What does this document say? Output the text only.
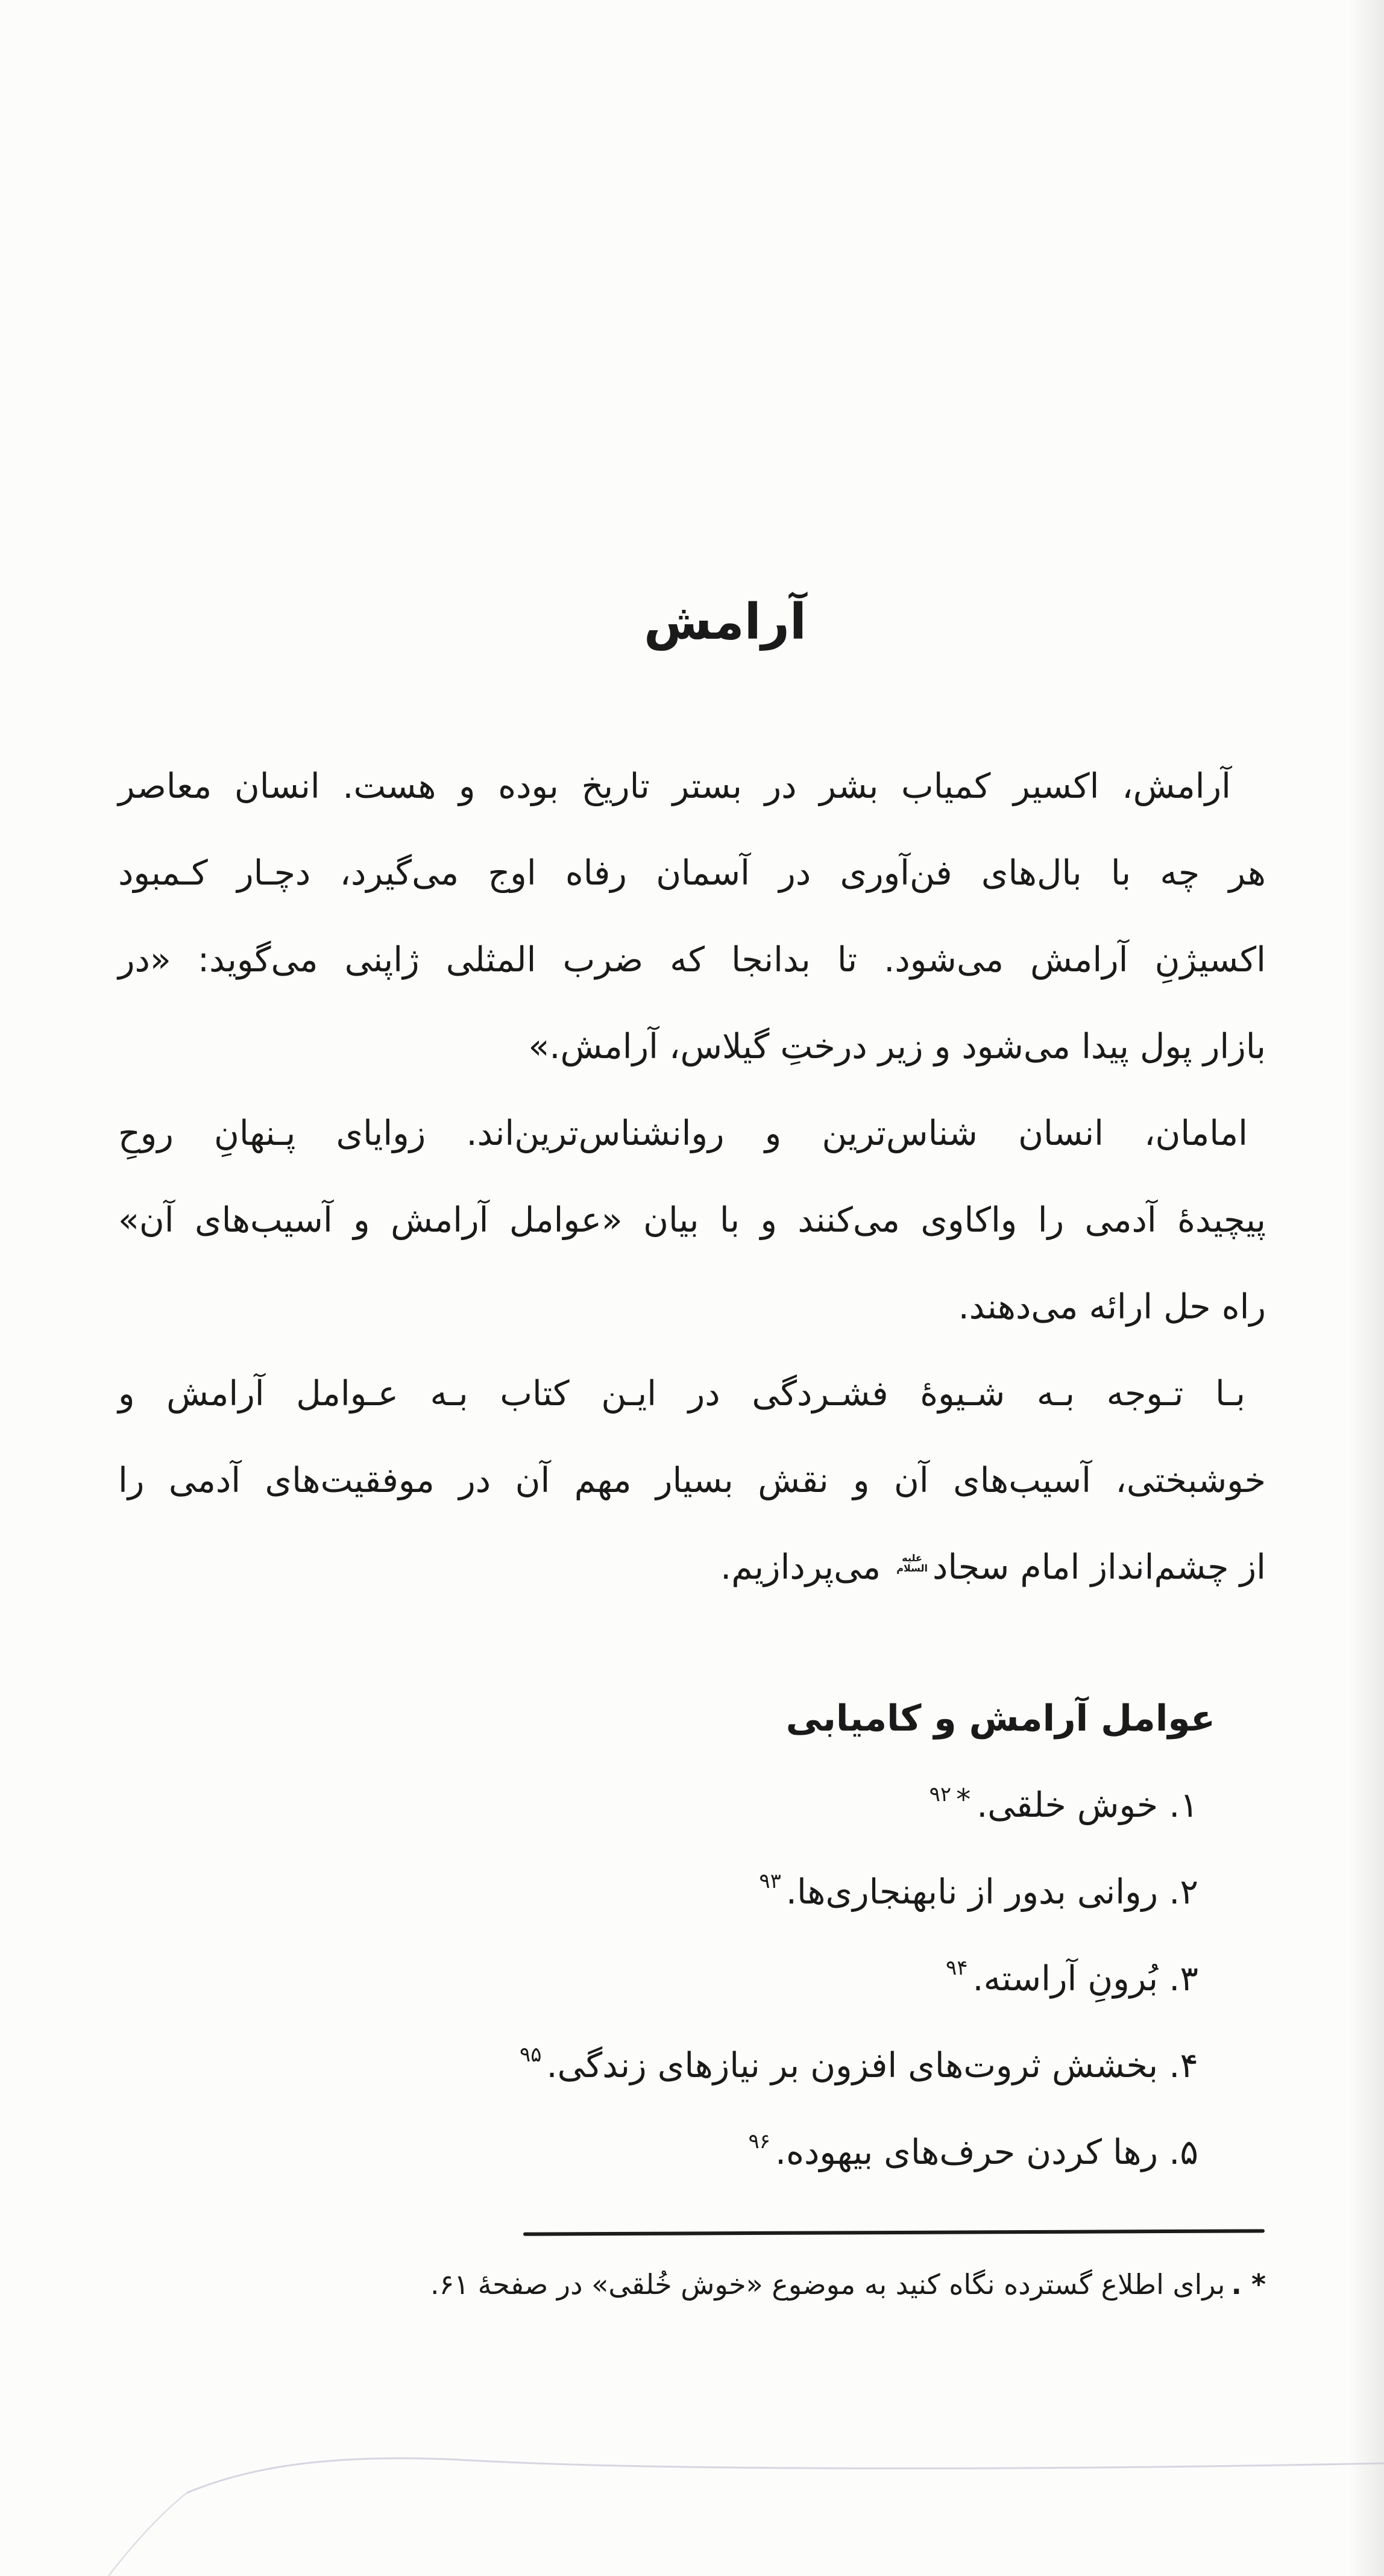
آرامش
آرامش، اکسیر کمیاب بشر در بستر تاریخ بوده و هست. انسان معاصر
هر چه با بال‌های فن‌آوری در آسمان رفاه اوج می‌گیرد، دچـار کـمبود
اکسیژنِ آرامش می‌شود. تا بدانجا که ضرب المثلی ژاپنی می‌گوید: «در
بازار پول پیدا می‌شود و زیر درختِ گیلاس، آرامش.»
امامان، انسان شناس‌ترین و روانشناس‌ترین‌اند. زوایای پـنهانِ روحِ
پیچیدهٔ آدمی را واکاوی می‌کنند و با بیان «عوامل آرامش و آسیب‌های آن»
راه حل ارائه می‌دهند.
بـا تـوجه بـه شـیوهٔ فشـردگی در ایـن کتاب بـه عـوامل آرامش و
خوشبختی، آسیب‌های آن و نقش بسیار مهم آن در موفقیت‌های آدمی را
از چشم‌انداز امام سجاد
علیه
السلام
می‌پردازیم.
عوامل آرامش و کامیابی
۱. خوش خلقی.$^{*۹۲}$
۲. روانی بدور از نابهنجاری‌ها.$^{۹۳}$
۳. بُرونِ آراسته.$^{۹۴}$
۴. بخشش ثروت‌های افزون بر نیازهای زندگی.$^{۹۵}$
۵. رها کردن حرف‌های بیهوده.$^{۹۶}$
* .برای اطلاع گسترده نگاه کنید به موضوع «خوش خُلقی» در صفحهٔ ۶۱.
